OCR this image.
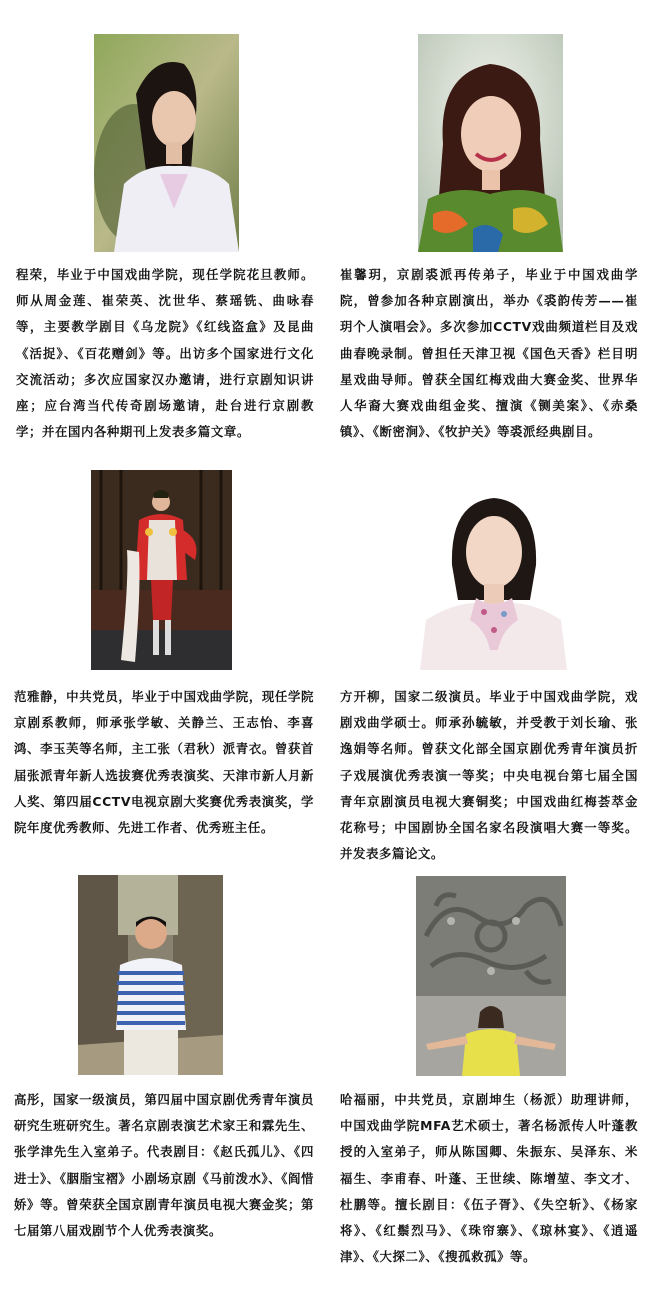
程荣，毕业于中国戏曲学院，现任学院花旦教师。师从周金莲、崔荣英、沈世华、蔡瑶铣、曲咏春等，主要教学剧目《乌龙院》《红线盗盒》及昆曲《活捉》、《百花赠剑》等。出访多个国家进行文化交流活动；多次应国家汉办邀请，进行京剧知识讲座；应台湾当代传奇剧场邀请，赴台进行京剧教学；并在国内各种期刊上发表多篇文章。

崔馨玥，京剧裘派再传弟子，毕业于中国戏曲学院，曾参加各种京剧演出，举办《裘韵传芳——崔玥个人演唱会》。多次参加CCTV戏曲频道栏目及戏曲春晚录制。曾担任天津卫视《国色天香》栏目明星戏曲导师。曾获全国红梅戏曲大赛金奖、世界华人华裔大赛戏曲组金奖、擅演《铡美案》、《赤桑镇》、《断密涧》、《牧护关》等裘派经典剧目。

范雅静，中共党员，毕业于中国戏曲学院，现任学院京剧系教师，师承张学敏、关静兰、王志怡、李喜鸿、李玉芙等名师，主工张（君秋）派青衣。曾获首届张派青年新人选拔赛优秀表演奖、天津市新人月新人奖、第四届CCTV电视京剧大奖赛优秀表演奖，学院年度优秀教师、先进工作者、优秀班主任。

方开柳，国家二级演员。毕业于中国戏曲学院，戏剧戏曲学硕士。师承孙毓敏，并受教于刘长瑜、张逸娟等名师。曾获文化部全国京剧优秀青年演员折子戏展演优秀表演一等奖；中央电视台第七届全国青年京剧演员电视大赛铜奖；中国戏曲红梅荟萃金花称号；中国剧协全国名家名段演唱大赛一等奖。并发表多篇论文。

高彤，国家一级演员，第四届中国京剧优秀青年演员研究生班研究生。著名京剧表演艺术家王和霖先生、张学津先生入室弟子。代表剧目：《赵氏孤儿》、《四进士》、《胭脂宝褶》小剧场京剧《马前泼水》、《阎惜娇》等。曾荣获全国京剧青年演员电视大赛金奖；第七届第八届戏剧节个人优秀表演奖。

哈福丽，中共党员，京剧坤生（杨派）助理讲师，中国戏曲学院MFA艺术硕士，著名杨派传人叶蓬教授的入室弟子，师从陈国卿、朱振东、吴泽东、米福生、李甫春、叶蓬、王世续、陈增堃、李文才、杜鹏等。擅长剧目：《伍子胥》、《失空斩》、《杨家将》、《红鬃烈马》、《珠帘寨》、《琼林宴》、《逍遥津》、《大探二》、《搜孤救孤》等。
